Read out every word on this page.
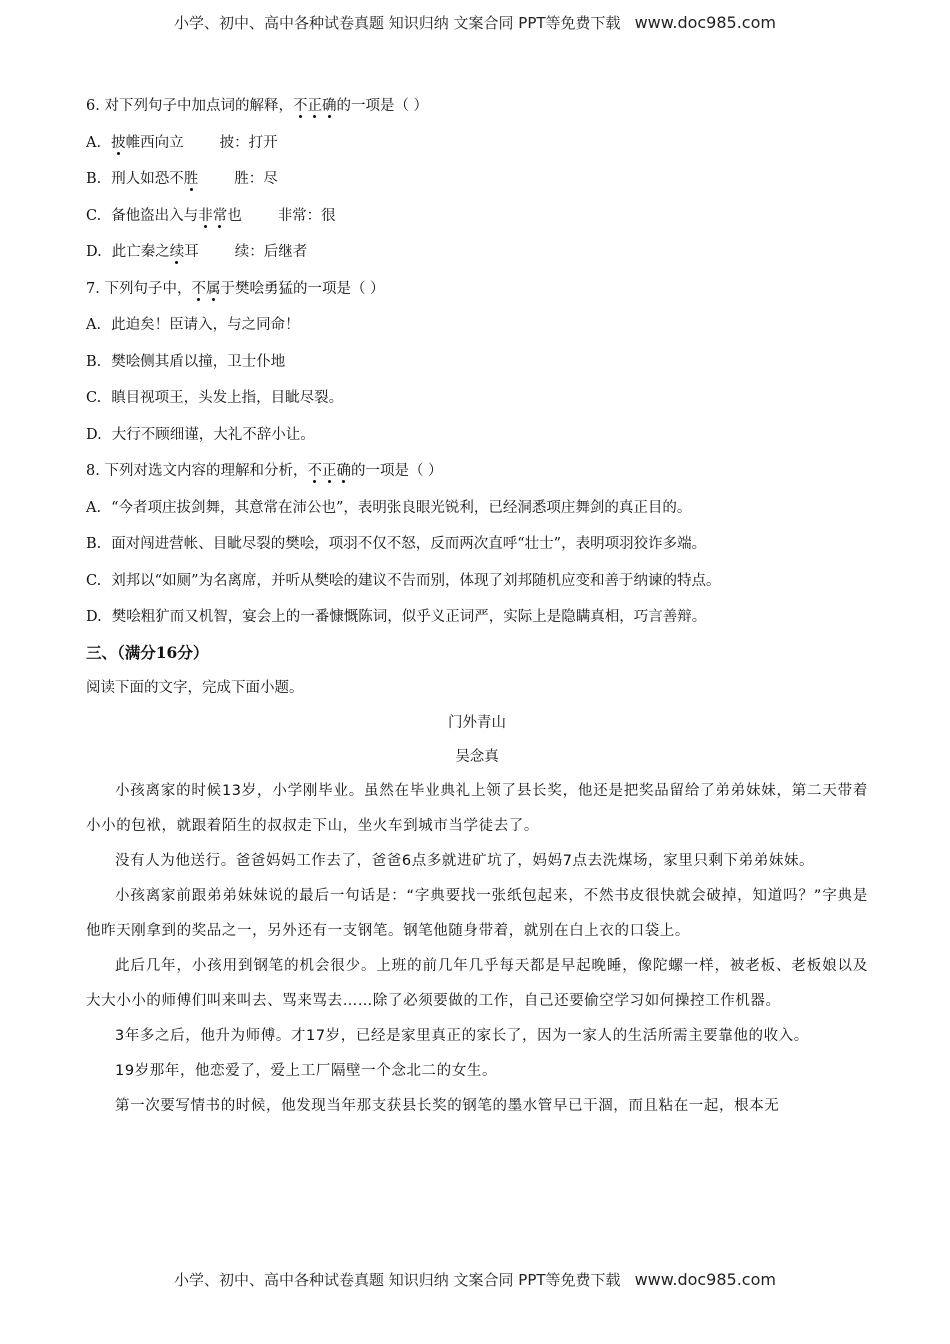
小学、初中、高中各种试卷真题 知识归纳 文案合同 PPT等免费下载 www.doc985.com
6. 对下列句子中加点词的解释，不正确的一项是（ ）
A. 披帷西向立 披：打开
B. 刑人如恐不胜 胜：尽
C. 备他盗出入与非常也 非常：很
D. 此亡秦之续耳 续：后继者
7. 下列句子中，不属于樊哙勇猛的一项是（ ）
A. 此迫矣！臣请入，与之同命！
B. 樊哙侧其盾以撞，卫士仆地
C. 瞋目视项王，头发上指，目眦尽裂。
D. 大行不顾细谨，大礼不辞小让。
8. 下列对选文内容的理解和分析，不正确的一项是（ ）
A. “今者项庄拔剑舞，其意常在沛公也”，表明张良眼光锐利，已经洞悉项庄舞剑的真正目的。
B. 面对闯进营帐、目眦尽裂的樊哙，项羽不仅不怒，反而两次直呼“壮士”，表明项羽狡诈多端。
C. 刘邦以“如厕”为名离席，并听从樊哙的建议不告而别，体现了刘邦随机应变和善于纳谏的特点。
D. 樊哙粗犷而又机智，宴会上的一番慷慨陈词，似乎义正词严，实际上是隐瞒真相，巧言善辩。
三、（满分16分）
阅读下面的文字，完成下面小题。
门外青山
吴念真
小孩离家的时候13岁，小学刚毕业。虽然在毕业典礼上领了县长奖，他还是把奖品留给了弟弟妹妹，第二天带着小小的包袱，就跟着陌生的叔叔走下山，坐火车到城市当学徒去了。
没有人为他送行。爸爸妈妈工作去了，爸爸6点多就进矿坑了，妈妈7点去洗煤场，家里只剩下弟弟妹妹。
小孩离家前跟弟弟妹妹说的最后一句话是：“字典要找一张纸包起来，不然书皮很快就会破掉，知道吗？”字典是他昨天刚拿到的奖品之一，另外还有一支钢笔。钢笔他随身带着，就别在白上衣的口袋上。
此后几年，小孩用到钢笔的机会很少。上班的前几年几乎每天都是早起晚睡，像陀螺一样，被老板、老板娘以及大大小小的师傅们叫来叫去、骂来骂去……除了必须要做的工作，自己还要偷空学习如何操控工作机器。
3年多之后，他升为师傅。才17岁，已经是家里真正的家长了，因为一家人的生活所需主要靠他的收入。
19岁那年，他恋爱了，爱上工厂隔壁一个念北二的女生。
第一次要写情书的时候，他发现当年那支获县长奖的钢笔的墨水管早已干涸，而且粘在一起，根本无
小学、初中、高中各种试卷真题 知识归纳 文案合同 PPT等免费下载 www.doc985.com
